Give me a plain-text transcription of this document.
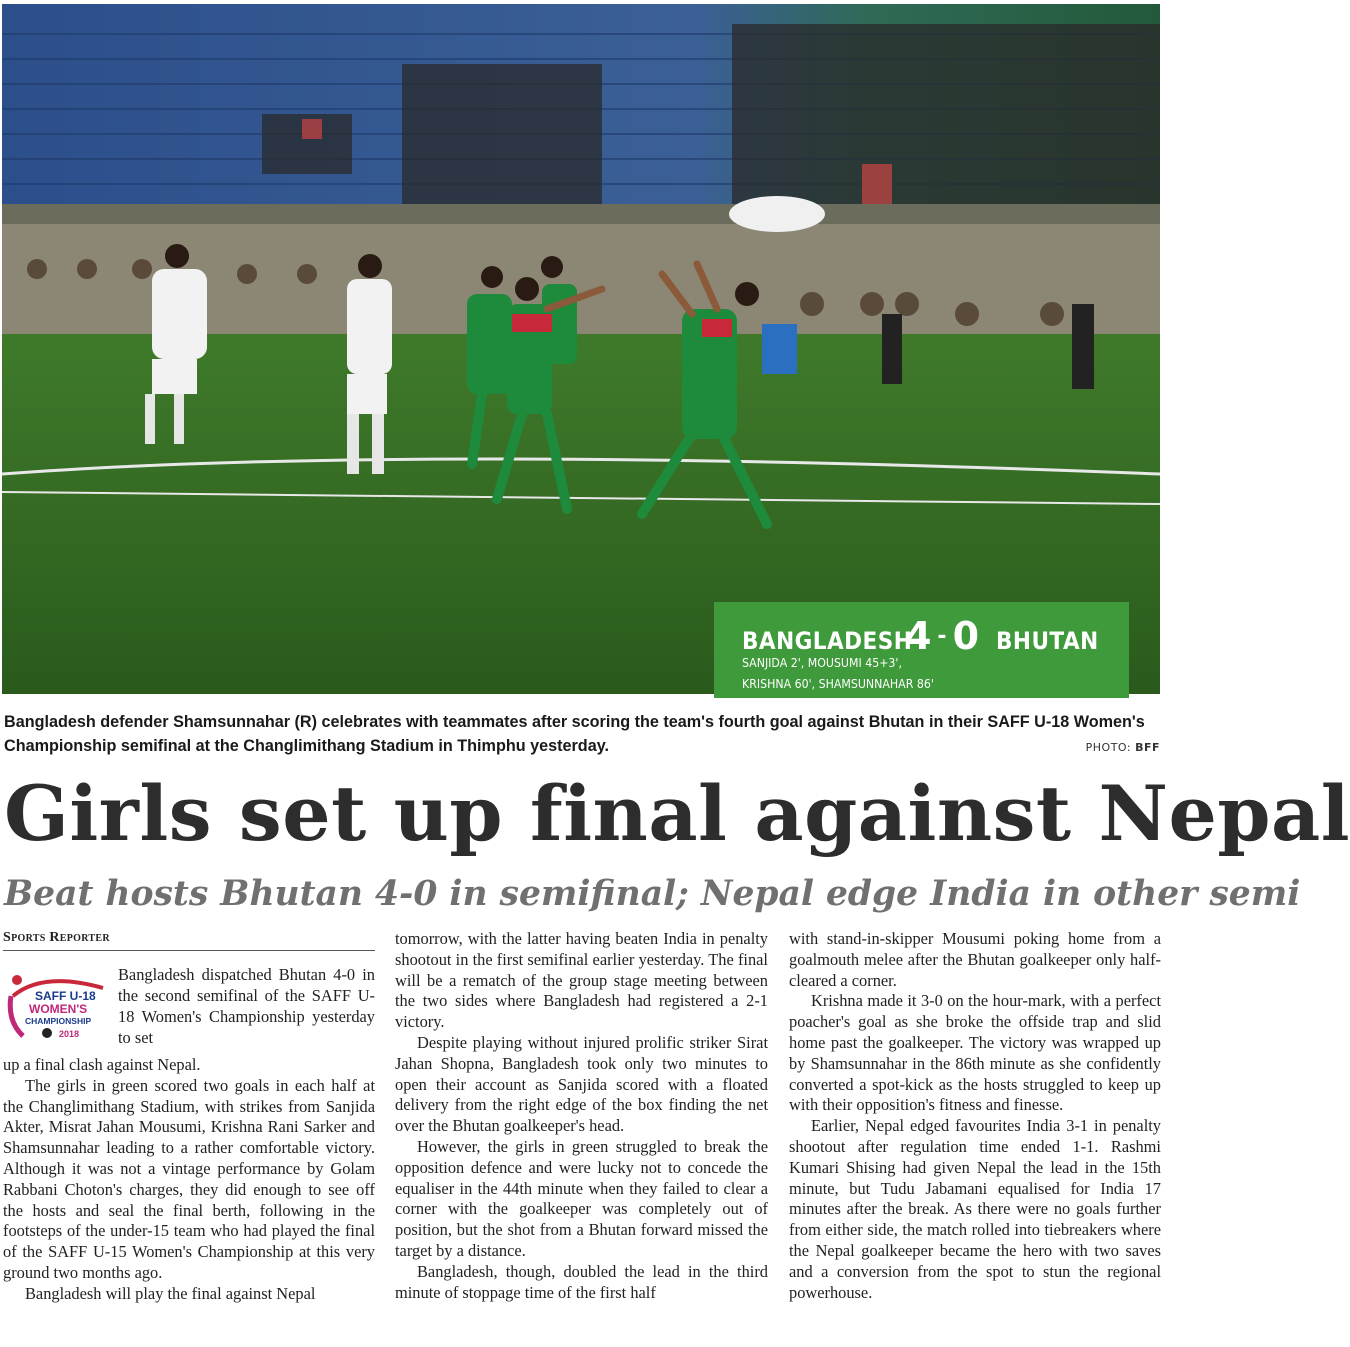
BANGLADESH
4 - 0 BHUTAN
SANJIDA 2', MOUSUMI 45+3',
KRISHNA 60', SHAMSUNNAHAR 86'
Bangladesh defender Shamsunnahar (R) celebrates with teammates after scoring the team's fourth goal against Bhutan in their SAFF U-18 Women's Championship semifinal at the Changlimithang Stadium in Thimphu yesterday.	PHOTO: BFF
Girls set up final against Nepal
Beat hosts Bhutan 4-0 in semifinal; Nepal edge India in other semi
Sports Reporter
SAFF U-18
WOMEN'S
CHAMPIONSHIP
2018
Bangladesh dispatched Bhutan 4-0 in the second semifinal of the SAFF U-18 Women's Championship yesterday to set

up a final clash against Nepal.

The girls in green scored two goals in each half at the Changlimithang Stadium, with strikes from Sanjida Akter, Misrat Jahan Mousumi, Krishna Rani Sarker and Shamsunnahar leading to a rather comfortable victory. Although it was not a vintage performance by Golam Rabbani Choton's charges, they did enough to see off the hosts and seal the final berth, following in the footsteps of the under-15 team who had played the final of the SAFF U-15 Women's Championship at this very ground two months ago.

Bangladesh will play the final against Nepal

tomorrow, with the latter having beaten India in penalty shootout in the first semifinal earlier yesterday. The final will be a rematch of the group stage meeting between the two sides where Bangladesh had registered a 2-1 victory.

Despite playing without injured prolific striker Sirat Jahan Shopna, Bangladesh took only two minutes to open their account as Sanjida scored with a floated delivery from the right edge of the box finding the net over the Bhutan goalkeeper's head.

However, the girls in green struggled to break the opposition defence and were lucky not to concede the equaliser in the 44th minute when they failed to clear a corner with the goalkeeper was completely out of position, but the shot from a Bhutan forward missed the target by a distance.

Bangladesh, though, doubled the lead in the third minute of stoppage time of the first half

with stand-in-skipper Mousumi poking home from a goalmouth melee after the Bhutan goalkeeper only half-cleared a corner.

Krishna made it 3-0 on the hour-mark, with a perfect poacher's goal as she broke the offside trap and slid home past the goalkeeper. The victory was wrapped up by Shamsunnahar in the 86th minute as she confidently converted a spot-kick as the hosts struggled to keep up with their opposition's fitness and finesse.

Earlier, Nepal edged favourites India 3-1 in penalty shootout after regulation time ended 1-1. Rashmi Kumari Shising had given Nepal the lead in the 15th minute, but Tudu Jabamani equalised for India 17 minutes after the break. As there were no goals further from either side, the match rolled into tiebreakers where the Nepal goalkeeper became the hero with two saves and a conversion from the spot to stun the regional powerhouse.
